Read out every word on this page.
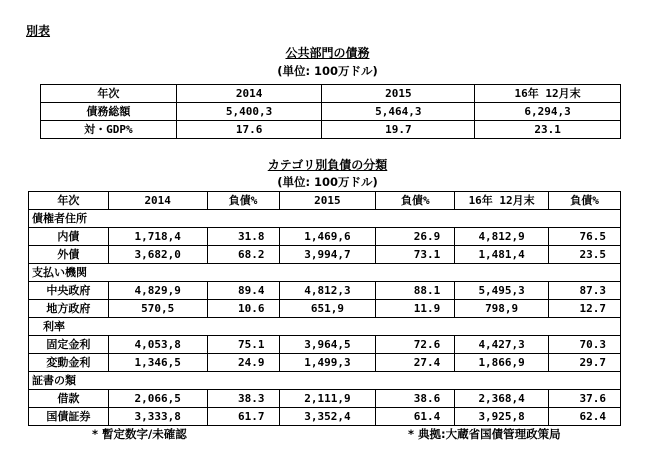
別表
公共部門の債務
(単位: 100万ドル)
年次	2014	2015	16年 12月末
債務総額	5,400,3	5,464,3	6,294,3
対・GDP%	17.6	19.7	23.1
カテゴリ別負債の分類
(単位: 100万ドル)
年次	2014	負債%	2015	負債%	16年 12月末	負債%
債権者住所						
内債	1,718,4	31.8	1,469,6	26.9	4,812,9	76.5
外債	3,682,0	68.2	3,994,7	73.1	1,481,4	23.5
支払い機関						
中央政府	4,829,9	89.4	4,812,3	88.1	5,495,3	87.3
地方政府	570,5	10.6	651,9	11.9	798,9	12.7
利率						
固定金利	4,053,8	75.1	3,964,5	72.6	4,427,3	70.3
変動金利	1,346,5	24.9	1,499,3	27.4	1,866,9	29.7
証書の類						
借款	2,066,5	38.3	2,111,9	38.6	2,368,4	37.6
国債証券	3,333,8	61.7	3,352,4	61.4	3,925,8	62.4
* 暫定数字/未確認	* 典拠:大蔵省国債管理政策局
